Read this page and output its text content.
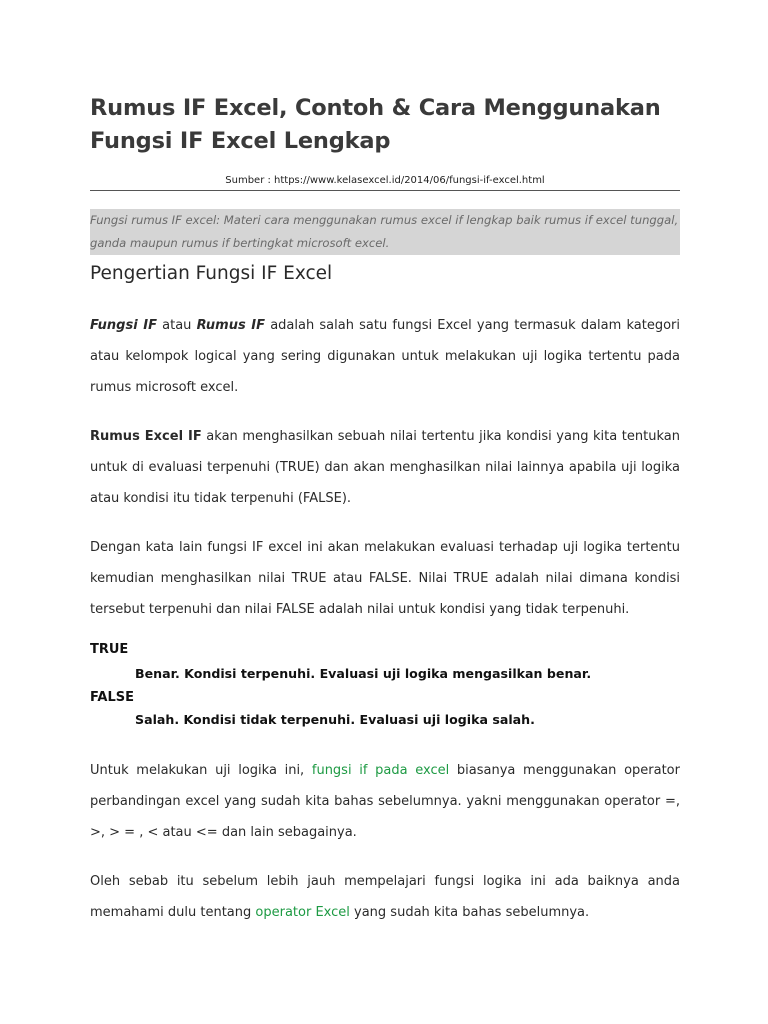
Rumus IF Excel, Contoh & Cara Menggunakan Fungsi IF Excel Lengkap

Sumber : https://www.kelasexcel.id/2014/06/fungsi-if-excel.html

Fungsi rumus IF excel: Materi cara menggunakan rumus excel if lengkap baik rumus if excel tunggal,
ganda maupun rumus if bertingkat microsoft excel.
Pengertian Fungsi IF Excel
Fungsi IF atau Rumus IF adalah salah satu fungsi Excel yang termasuk dalam kategori
atau kelompok logical yang sering digunakan untuk melakukan uji logika tertentu pada
rumus microsoft excel.
Rumus Excel IF akan menghasilkan sebuah nilai tertentu jika kondisi yang kita tentukan
untuk di evaluasi terpenuhi (TRUE) dan akan menghasilkan nilai lainnya apabila uji logika
atau kondisi itu tidak terpenuhi (FALSE).
Dengan kata lain fungsi IF excel ini akan melakukan evaluasi terhadap uji logika tertentu
kemudian menghasilkan nilai TRUE atau FALSE. Nilai TRUE adalah nilai dimana kondisi
tersebut terpenuhi dan nilai FALSE adalah nilai untuk kondisi yang tidak terpenuhi.

TRUE

Benar. Kondisi terpenuhi. Evaluasi uji logika mengasilkan benar.

FALSE

Salah. Kondisi tidak terpenuhi. Evaluasi uji logika salah.

Untuk melakukan uji logika ini, fungsi if pada excel biasanya menggunakan operator
perbandingan excel yang sudah kita bahas sebelumnya. yakni menggunakan operator =,
>, > = , < atau <= dan lain sebagainya.
Oleh sebab itu sebelum lebih jauh mempelajari fungsi logika ini ada baiknya anda
memahami dulu tentang operator Excel yang sudah kita bahas sebelumnya.
